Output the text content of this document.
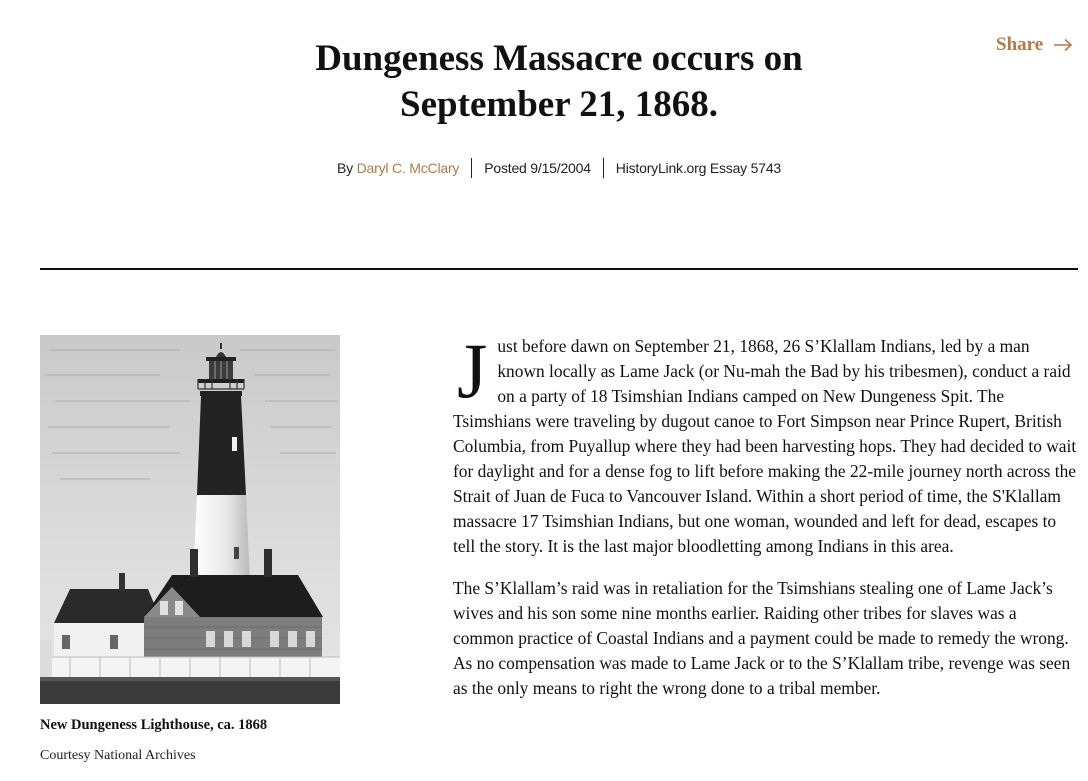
Dungeness Massacre occurs on
September 21, 1868.
Share
By Daryl C. McClary	Posted 9/15/2004	HistoryLink.org Essay 5743
New Dungeness Lighthouse, ca. 1868
Courtesy National Archives

Just before dawn on September 21, 1868, 26 S’Klallam Indians, led by a man known locally as Lame Jack (or Nu-mah the Bad by his tribesmen), conduct a raid on a party of 18 Tsimshian Indians camped on New Dungeness Spit. The Tsimshians were traveling by dugout canoe to Fort Simpson near Prince Rupert, British Columbia, from Puyallup where they had been harvesting hops. They had decided to wait for daylight and for a dense fog to lift before making the 22-mile journey north across the Strait of Juan de Fuca to Vancouver Island. Within a short period of time, the S'Klallam massacre 17 Tsimshian Indians, but one woman, wounded and left for dead, escapes to tell the story. It is the last major bloodletting among Indians in this area.

The S’Klallam’s raid was in retaliation for the Tsimshians stealing one of Lame Jack’s wives and his son some nine months earlier. Raiding other tribes for slaves was a common practice of Coastal Indians and a payment could be made to remedy the wrong. As no compensation was made to Lame Jack or to the S’Klallam tribe, revenge was seen as the only means to right the wrong done to a tribal member.
